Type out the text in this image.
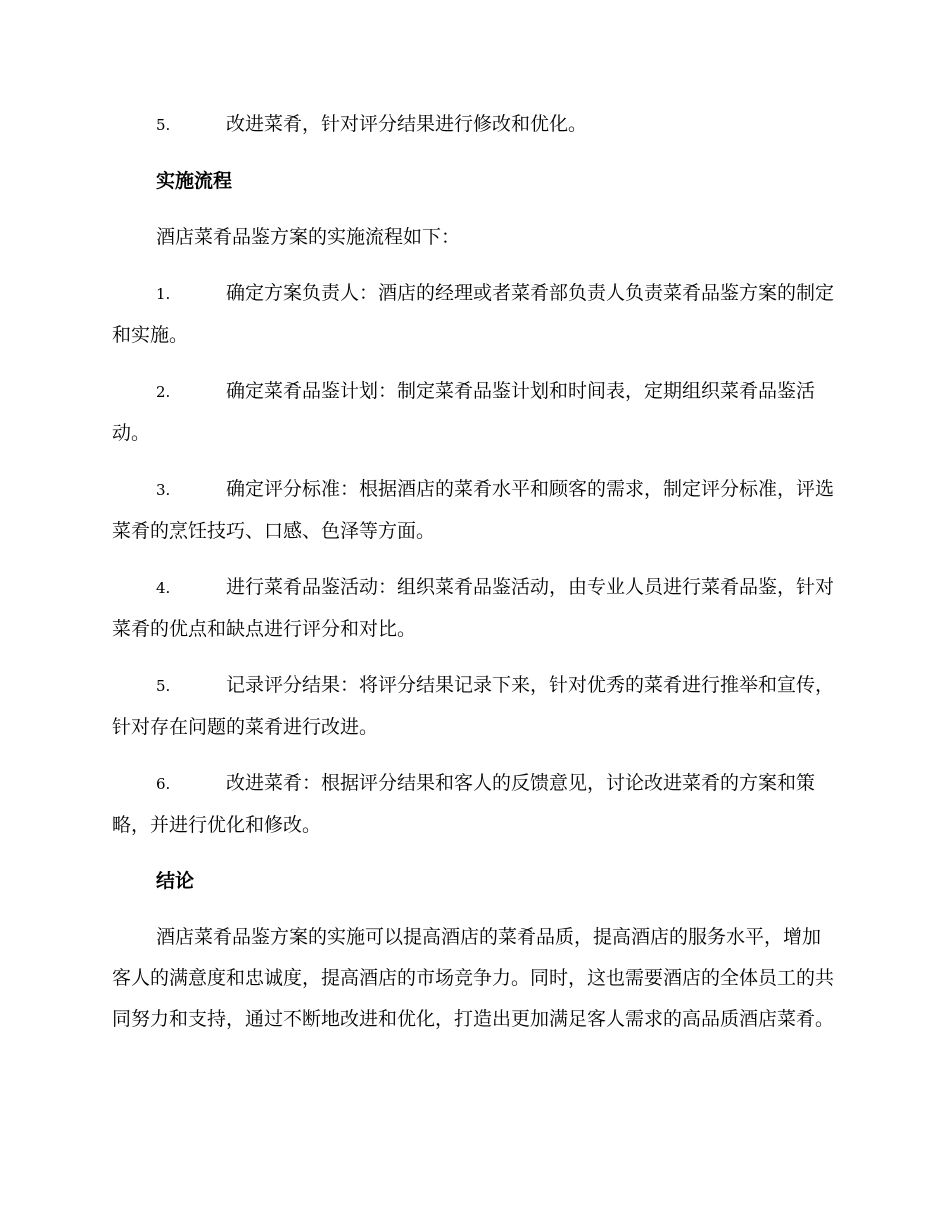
5.	改进菜肴，针对评分结果进行修改和优化。

实施流程

酒店菜肴品鉴方案的实施流程如下：

1.	确定方案负责人：酒店的经理或者菜肴部负责人负责菜肴品鉴方案的制定和实施。

2.	确定菜肴品鉴计划：制定菜肴品鉴计划和时间表，定期组织菜肴品鉴活动。

3.	确定评分标准：根据酒店的菜肴水平和顾客的需求，制定评分标准，评选菜肴的烹饪技巧、口感、色泽等方面。

4.	进行菜肴品鉴活动：组织菜肴品鉴活动，由专业人员进行菜肴品鉴，针对菜肴的优点和缺点进行评分和对比。

5.	记录评分结果：将评分结果记录下来，针对优秀的菜肴进行推举和宣传，针对存在问题的菜肴进行改进。

6.	改进菜肴：根据评分结果和客人的反馈意见，讨论改进菜肴的方案和策略，并进行优化和修改。

结论

酒店菜肴品鉴方案的实施可以提高酒店的菜肴品质，提高酒店的服务水平，增加客人的满意度和忠诚度，提高酒店的市场竞争力。同时，这也需要酒店的全体员工的共同努力和支持，通过不断地改进和优化，打造出更加满足客人需求的高品质酒店菜肴。
